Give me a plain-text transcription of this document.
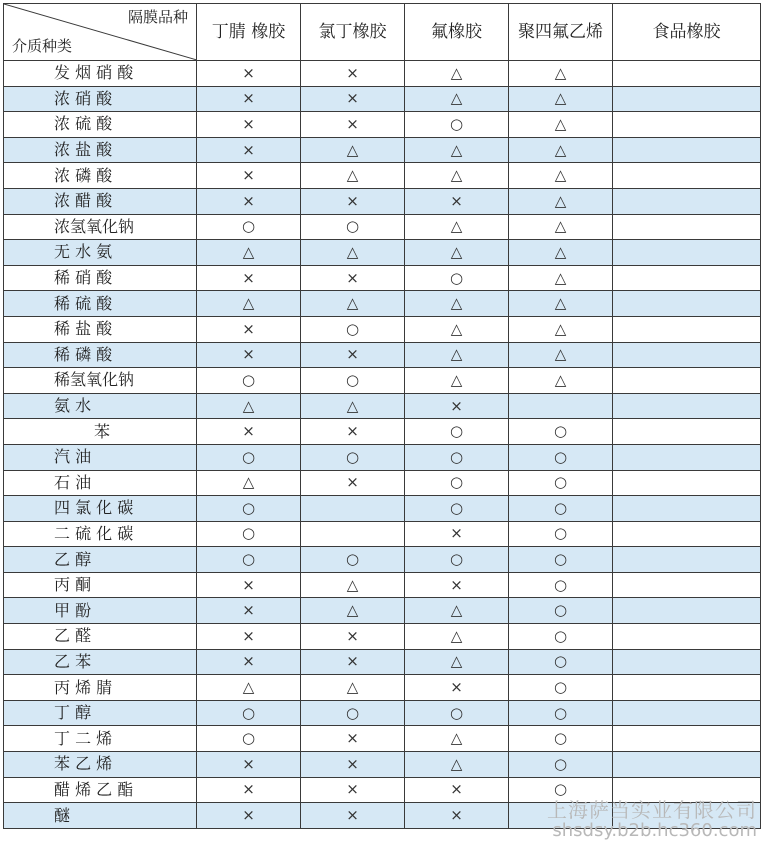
隔膜品种
介质种类	丁腈 橡胶	氯丁橡胶	氟橡胶	聚四氟乙烯	食品橡胶
发 烟 硝 酸	×	×	△	△	
浓 硝 酸	×	×	△	△	
浓 硫 酸	×	×	○	△	
浓 盐 酸	×	△	△	△	
浓 磷 酸	×	△	△	△	
浓 醋 酸	×	×	×	△	
浓氢氧化钠	○	○	△	△	
无 水 氨	△	△	△	△	
稀 硝 酸	×	×	○	△	
稀 硫 酸	△	△	△	△	
稀 盐 酸	×	○	△	△	
稀 磷 酸	×	×	△	△	
稀氢氧化钠	○	○	△	△	
氨 水	△	△	×		
苯	×	×	○	○	
汽 油	○	○	○	○	
石 油	△	×	○	○	
四 氯 化 碳	○		○	○	
二 硫 化 碳	○		×	○	
乙 醇	○	○	○	○	
丙 酮	×	△	×	○	
甲 酚	×	△	△	○	
乙 醛	×	×	△	○	
乙 苯	×	×	△	○	
丙 烯 腈	△	△	×	○	
丁 醇	○	○	○	○	
丁 二 烯	○	×	△	○	
苯 乙 烯	×	×	△	○	
醋 烯 乙 酯	×	×	×	○	
醚	×	×	×			上海萨当实业有限公司
shsdsy.b2b.hc360.com
